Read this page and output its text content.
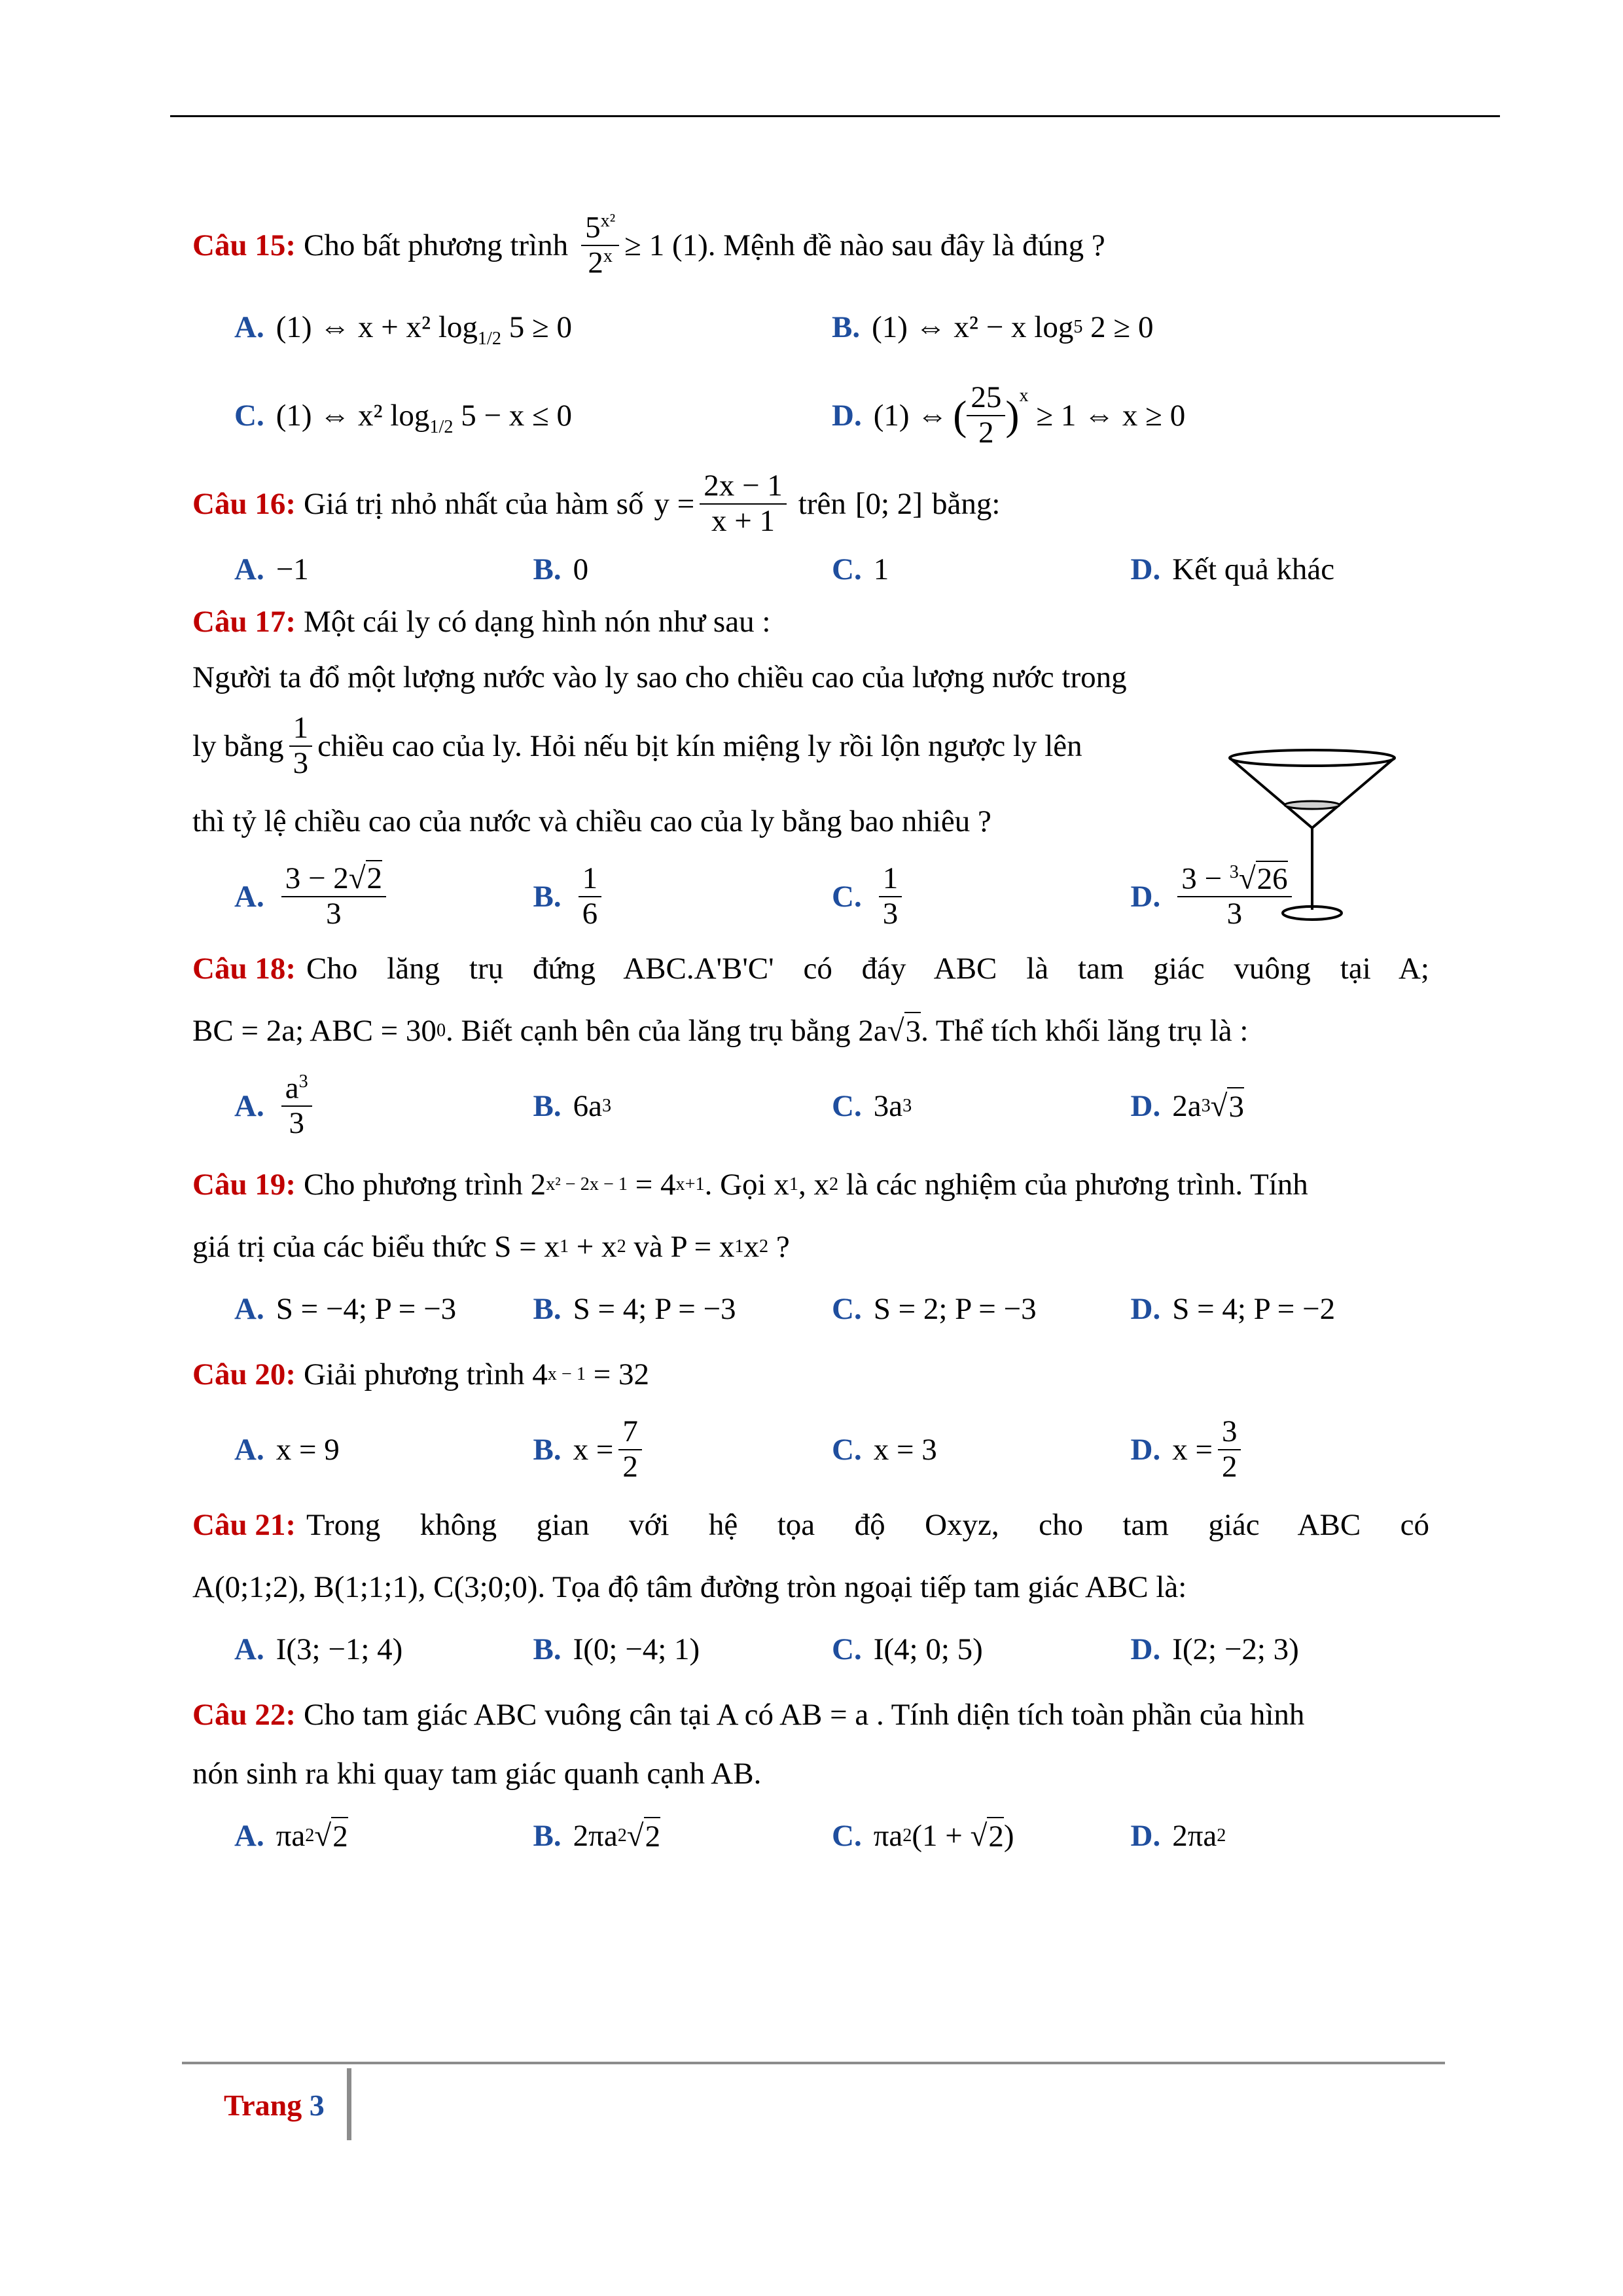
Câu 15: Cho bất phương trình $\frac{5^{x^2}}{2^x} \ge 1$ (1) . Mệnh đề nào sau đây là đúng ?
A. (1) ⇔ x + x² $\log_{1/2} 5 \ge 0$	B. (1) ⇔ x² − x log 5 2 ≥ 0
C. (1) ⇔ x² $\log_{1/2} 5 - x \le 0$	D. (1) ⇔ ( $\frac{25}{2} )^x$
≥ 1 ⇔ x ≥ 0
Câu 16: Giá trị nhỏ nhất của hàm số $y = \frac{2x - 1}{x + 1}$ trên [0; 2] bằng:
A. −1	B. 0	C. 1	D. Kết quả khác
Câu 17: Một cái ly có dạng hình nón như sau :
Người ta đổ một lượng nước vào ly sao cho chiều cao của lượng nước trong
ly bằng $\frac{1}{3}$ chiều cao của ly. Hỏi nếu bịt kín miệng ly rồi lộn ngược ly lên
thì tỷ lệ chiều cao của nước và chiều cao của ly bằng bao nhiêu ?
A. $\frac{3 - 2√2}{3}$	B. $\frac{1}{6}$	C. $\frac{1}{3}$	D. $\frac{3 - ^3√26}{3}$
Câu 18: Cho lăng trụ đứng ABC.A'B'C' có đáy ABC là tam giác vuông tại A;
BC = 2a; ABC = 30 0 . Biết cạnh bên của lăng trụ bằng 2a √ 3 . Thể tích khối lăng trụ là :
A. $\frac{a^3}{3}$	B. 6a 3	C. 3a 3	D. 2a 3 √ 3
Câu 19: Cho phương trình 2 x² − 2x − 1 = 4 x+1 . Gọi x 1 , x 2 là các nghiệm của phương trình. Tính
giá trị của các biểu thức S = x 1 + x 2 và P = x 1 x 2 ?
A. S = −4; P = −3 B. S = 4; P = −3	C. S = 2; P = −3	D. S = 4; P = −2
Câu 20: Giải phương trình 4 x − 1 = 32
A. x = 9	B. $x = \frac{7}{2}$	C. x = 3	D. $x = \frac{3}{2}$
Câu 21: Trong không gian với hệ tọa độ Oxyz, cho tam giác ABC có
A(0;1;2), B(1;1;1), C(3;0;0) . Tọa độ tâm đường tròn ngoại tiếp tam giác ABC là:
A. I(3; −1; 4)	B. I(0; −4; 1)	C. I(4; 0; 5)	D. I(2; −2; 3)
Câu 22: Cho tam giác ABC vuông cân tại A có AB = a . Tính diện tích toàn phần của hình
nón sinh ra khi quay tam giác quanh cạnh AB.
A. πa 2 √ 2	B. 2πa 2 √ 2	C. πa 2 (1 + √ 2 )	D. 2πa 2
Trang 3
